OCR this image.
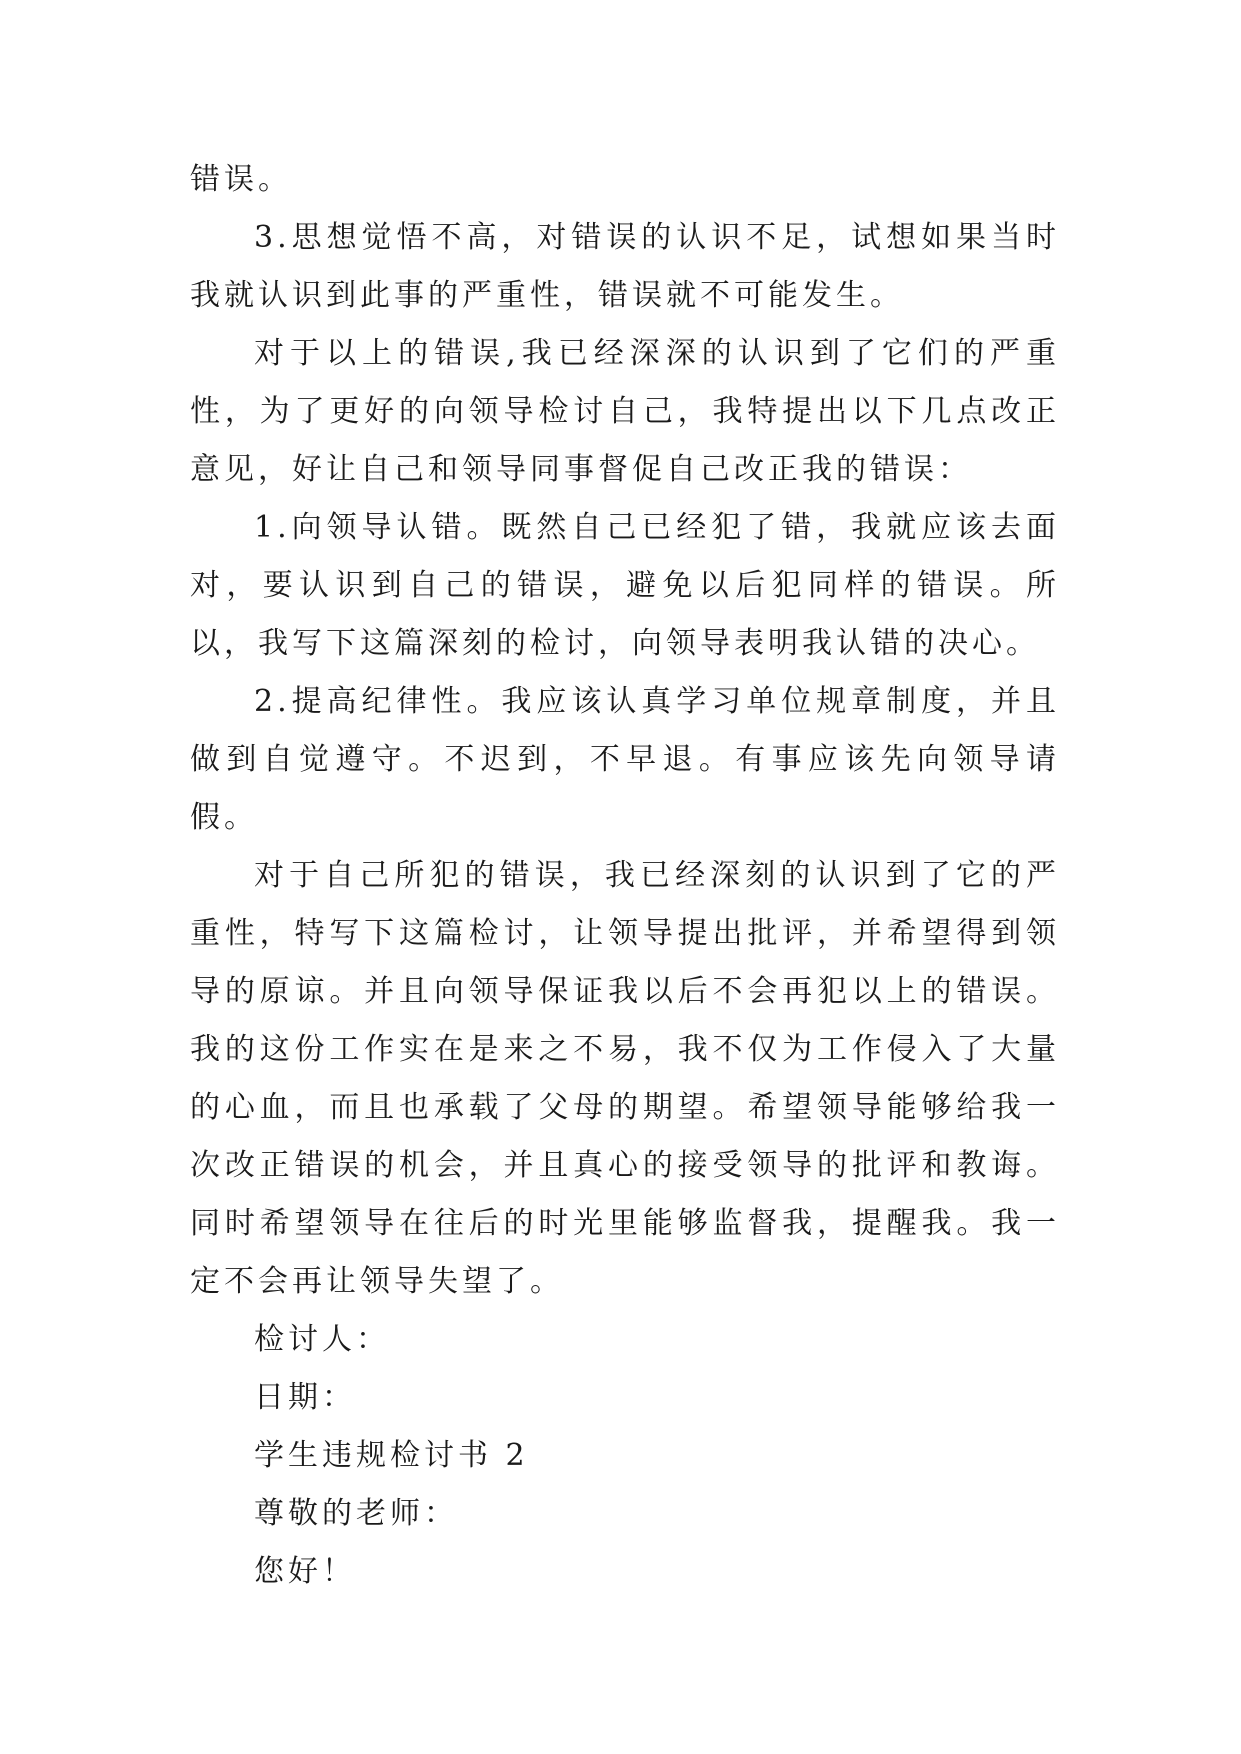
错误。

3.思想觉悟不高，对错误的认识不足，试想如果当时我就认识到此事的严重性，错误就不可能发生。

对于以上的错误,我已经深深的认识到了它们的严重性，为了更好的向领导检讨自己，我特提出以下几点改正意见，好让自己和领导同事督促自己改正我的错误：

1.向领导认错。既然自己已经犯了错，我就应该去面对，要认识到自己的错误，避免以后犯同样的错误。所以，我写下这篇深刻的检讨，向领导表明我认错的决心。

2.提高纪律性。我应该认真学习单位规章制度，并且做到自觉遵守。不迟到，不早退。有事应该先向领导请假。

对于自己所犯的错误，我已经深刻的认识到了它的严重性，特写下这篇检讨，让领导提出批评，并希望得到领导的原谅。并且向领导保证我以后不会再犯以上的错误。我的这份工作实在是来之不易，我不仅为工作侵入了大量的心血，而且也承载了父母的期望。希望领导能够给我一次改正错误的机会，并且真心的接受领导的批评和教诲。同时希望领导在往后的时光里能够监督我，提醒我。我一定不会再让领导失望了。

检讨人：

日期：

学生违规检讨书 2

尊敬的老师：

您好！
